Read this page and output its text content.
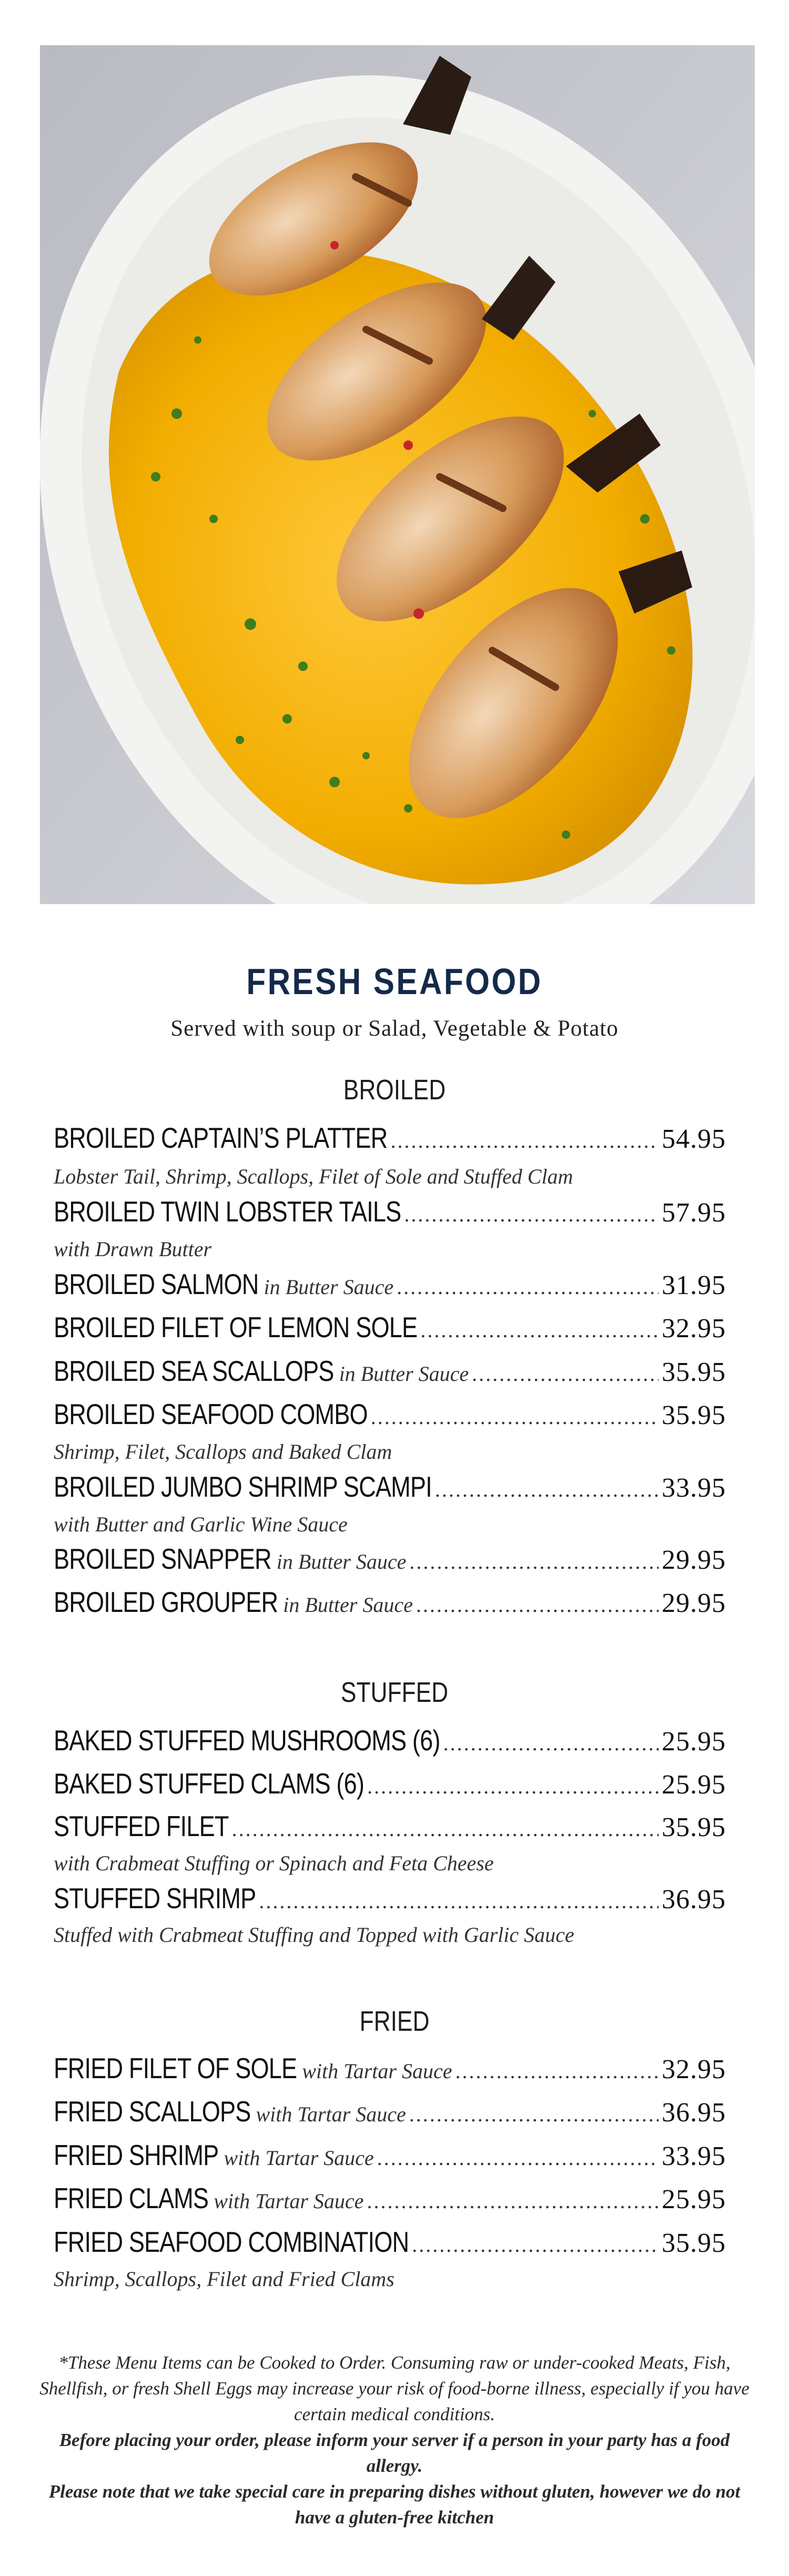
FRESH SEAFOOD
Served with soup or Salad, Vegetable & Potato
BROILED
BROILED CAPTAIN’S PLATTER .....	54.95
Lobster Tail, Shrimp, Scallops, Filet of Sole and Stuffed Clam
BROILED TWIN LOBSTER TAILS .....	57.95
with Drawn Butter
BROILED SALMON in Butter Sauce .....	31.95
BROILED FILET OF LEMON SOLE .....	32.95
BROILED SEA SCALLOPS in Butter Sauce .....	35.95
BROILED SEAFOOD COMBO .....	35.95
Shrimp, Filet, Scallops and Baked Clam
BROILED JUMBO SHRIMP SCAMPI .....	33.95
with Butter and Garlic Wine Sauce
BROILED SNAPPER in Butter Sauce .....	29.95
BROILED GROUPER in Butter Sauce .....	29.95
STUFFED
BAKED STUFFED MUSHROOMS (6) .....	25.95
BAKED STUFFED CLAMS (6) .....	25.95
STUFFED FILET .....	35.95
with Crabmeat Stuffing or Spinach and Feta Cheese
STUFFED SHRIMP .....	36.95
Stuffed with Crabmeat Stuffing and Topped with Garlic Sauce
FRIED
FRIED FILET OF SOLE with Tartar Sauce .....	32.95
FRIED SCALLOPS with Tartar Sauce .....	36.95
FRIED SHRIMP with Tartar Sauce .....	33.95
FRIED CLAMS with Tartar Sauce .....	25.95
FRIED SEAFOOD COMBINATION .....	35.95
Shrimp, Scallops, Filet and Fried Clams
*These Menu Items can be Cooked to Order. Consuming raw or under-cooked Meats, Fish, Shellfish, or fresh Shell Eggs may increase your risk of food-borne illness, especially if you have certain medical conditions.
Before placing your order, please inform your server if a person in your party has a food allergy.
Please note that we take special care in preparing dishes without gluten, however we do not have a gluten-free kitchen
